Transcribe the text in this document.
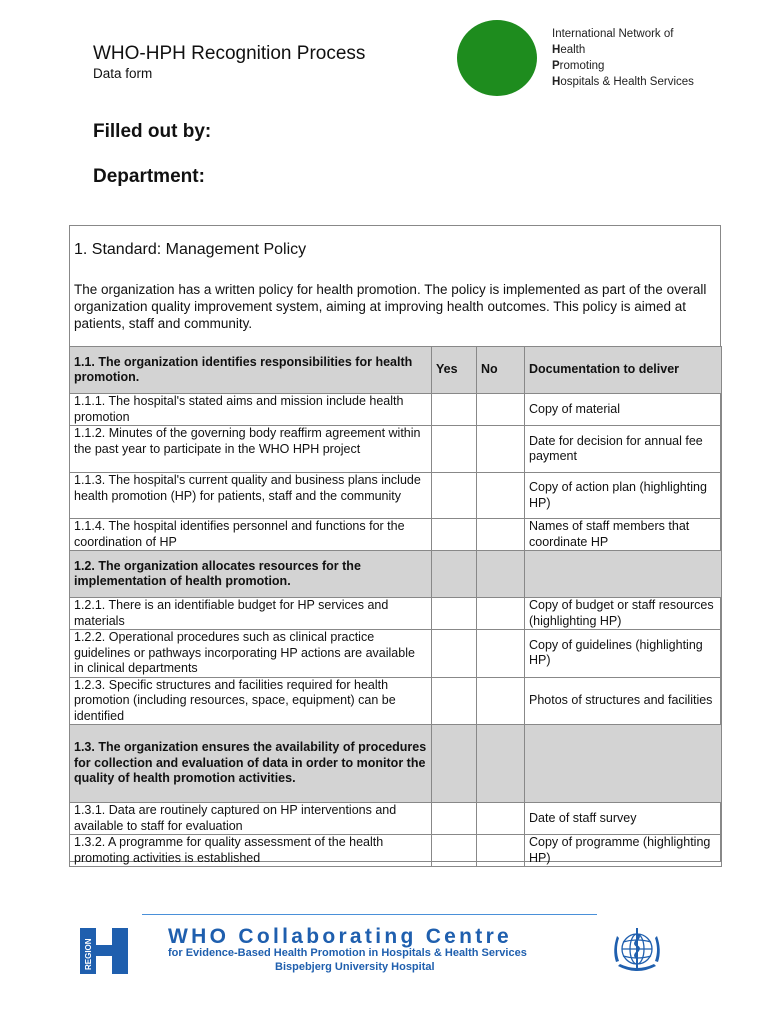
WHO-HPH Recognition Process
Data form
International Network of
Health
Promoting
Hospitals & Health Services
Filled out by:
Department:
1. Standard: Management Policy
The organization has a written policy for health promotion. The policy is implemented as part of the overall organization quality improvement system, aiming at improving health outcomes. This policy is aimed at patients, staff and community.
1.1. The organization identifies responsibilities for health promotion.	Yes	No	Documentation to deliver
1.1.1. The hospital's stated aims and mission include health promotion			Copy of material
1.1.2. Minutes of the governing body reaffirm agreement within the past year to participate in the WHO HPH project			Date for decision for annual fee payment
1.1.3. The hospital's current quality and business plans include health promotion (HP) for patients, staff and the community			Copy of action plan (highlighting HP)
1.1.4. The hospital identifies personnel and functions for the coordination of HP			Names of staff members that coordinate HP
1.2. The organization allocates resources for the implementation of health promotion.			
1.2.1. There is an identifiable budget for HP services and materials			Copy of budget or staff resources (highlighting HP)
1.2.2. Operational procedures such as clinical practice guidelines or pathways incorporating HP actions are available in clinical departments			Copy of guidelines (highlighting HP)
1.2.3. Specific structures and facilities required for health promotion (including resources, space, equipment) can be identified			Photos of structures and facilities
1.3. The organization ensures the availability of procedures for collection and evaluation of data in order to monitor the quality of health promotion activities.			
1.3.1. Data are routinely captured on HP interventions and available to staff for evaluation			Date of staff survey
1.3.2. A programme for quality assessment of the health promoting activities is established			Copy of programme (highlighting HP)
REGION
WHO Collaborating Centre
for Evidence-Based Health Promotion in Hospitals & Health Services
Bispebjerg University Hospital
